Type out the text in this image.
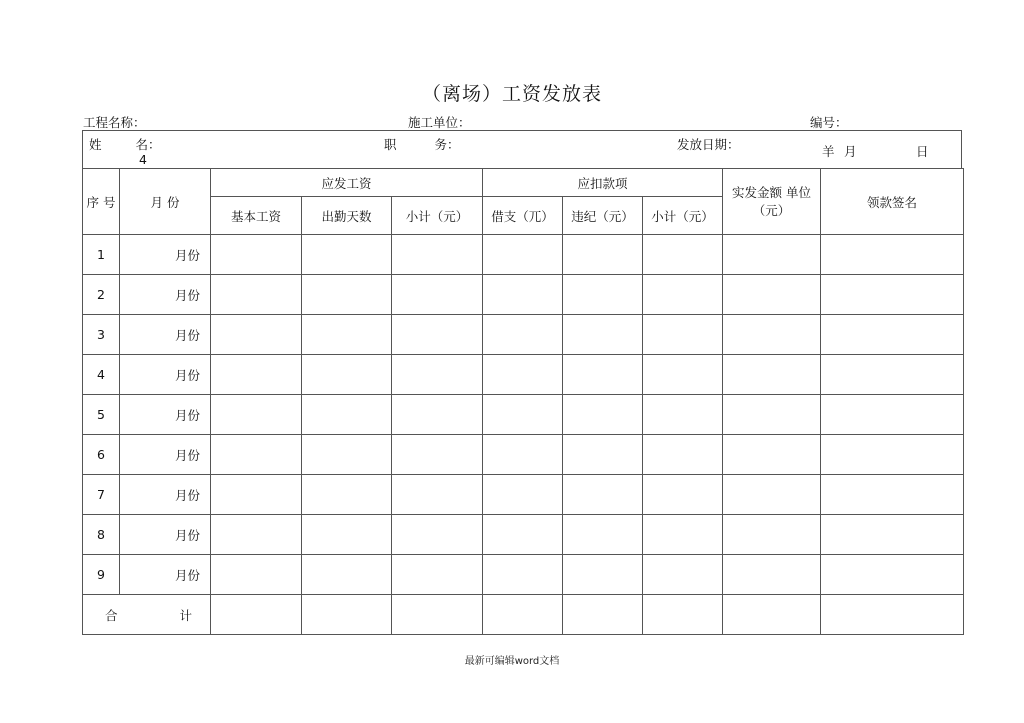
（离场）工资发放表
工程名称：	施工单位：	编号：
姓 名：
4
职 务：	发放日期：	羊 月	日
序 号	月 份	应发工资			应扣款项			实发金额 单位（元）	领款签名
		基本工资	出勤天数	小计（元）	借支（兀）	违纪（元）	小计（元）		
1	月份								
2	月份								
3	月份								
4	月份								
5	月份								
6	月份								
7	月份								
8	月份								
9	月份								
合 计									
最新可编辑word文档
